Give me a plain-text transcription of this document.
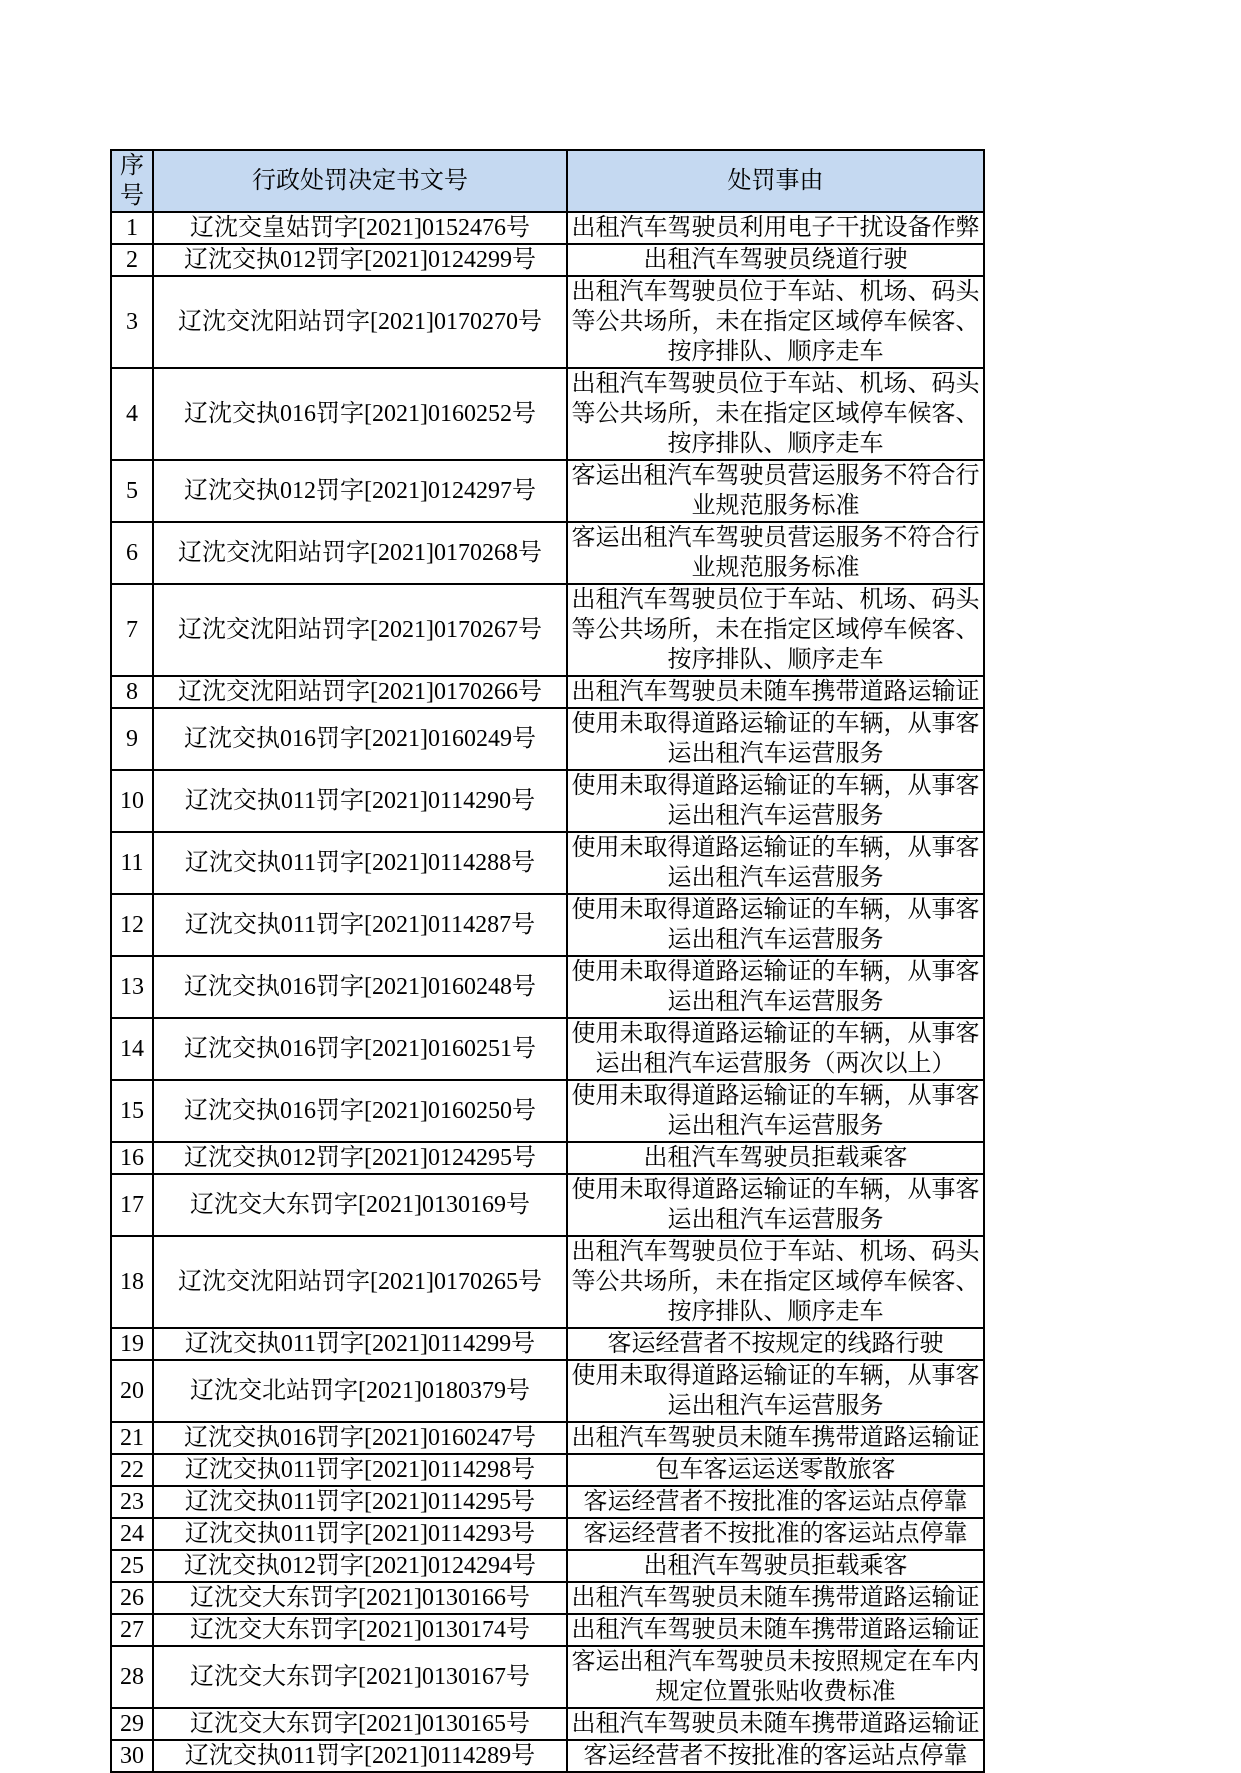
序号	行政处罚决定书文号	处罚事由
1	辽沈交皇姑罚字[2021]0152476号	出租汽车驾驶员利用电子干扰设备作弊
2	辽沈交执012罚字[2021]0124299号	出租汽车驾驶员绕道行驶
3	辽沈交沈阳站罚字[2021]0170270号	出租汽车驾驶员位于车站、机场、码头等公共场所，未在指定区域停车候客、按序排队、顺序走车
4	辽沈交执016罚字[2021]0160252号	出租汽车驾驶员位于车站、机场、码头等公共场所，未在指定区域停车候客、按序排队、顺序走车
5	辽沈交执012罚字[2021]0124297号	客运出租汽车驾驶员营运服务不符合行业规范服务标准
6	辽沈交沈阳站罚字[2021]0170268号	客运出租汽车驾驶员营运服务不符合行业规范服务标准
7	辽沈交沈阳站罚字[2021]0170267号	出租汽车驾驶员位于车站、机场、码头等公共场所，未在指定区域停车候客、按序排队、顺序走车
8	辽沈交沈阳站罚字[2021]0170266号	出租汽车驾驶员未随车携带道路运输证
9	辽沈交执016罚字[2021]0160249号	使用未取得道路运输证的车辆，从事客运出租汽车运营服务
10	辽沈交执011罚字[2021]0114290号	使用未取得道路运输证的车辆，从事客运出租汽车运营服务
11	辽沈交执011罚字[2021]0114288号	使用未取得道路运输证的车辆，从事客运出租汽车运营服务
12	辽沈交执011罚字[2021]0114287号	使用未取得道路运输证的车辆，从事客运出租汽车运营服务
13	辽沈交执016罚字[2021]0160248号	使用未取得道路运输证的车辆，从事客运出租汽车运营服务
14	辽沈交执016罚字[2021]0160251号	使用未取得道路运输证的车辆，从事客运出租汽车运营服务（两次以上）
15	辽沈交执016罚字[2021]0160250号	使用未取得道路运输证的车辆，从事客运出租汽车运营服务
16	辽沈交执012罚字[2021]0124295号	出租汽车驾驶员拒载乘客
17	辽沈交大东罚字[2021]0130169号	使用未取得道路运输证的车辆，从事客运出租汽车运营服务
18	辽沈交沈阳站罚字[2021]0170265号	出租汽车驾驶员位于车站、机场、码头等公共场所，未在指定区域停车候客、按序排队、顺序走车
19	辽沈交执011罚字[2021]0114299号	客运经营者不按规定的线路行驶
20	辽沈交北站罚字[2021]0180379号	使用未取得道路运输证的车辆，从事客运出租汽车运营服务
21	辽沈交执016罚字[2021]0160247号	出租汽车驾驶员未随车携带道路运输证
22	辽沈交执011罚字[2021]0114298号	包车客运运送零散旅客
23	辽沈交执011罚字[2021]0114295号	客运经营者不按批准的客运站点停靠
24	辽沈交执011罚字[2021]0114293号	客运经营者不按批准的客运站点停靠
25	辽沈交执012罚字[2021]0124294号	出租汽车驾驶员拒载乘客
26	辽沈交大东罚字[2021]0130166号	出租汽车驾驶员未随车携带道路运输证
27	辽沈交大东罚字[2021]0130174号	出租汽车驾驶员未随车携带道路运输证
28	辽沈交大东罚字[2021]0130167号	客运出租汽车驾驶员未按照规定在车内规定位置张贴收费标准
29	辽沈交大东罚字[2021]0130165号	出租汽车驾驶员未随车携带道路运输证
30	辽沈交执011罚字[2021]0114289号	客运经营者不按批准的客运站点停靠
